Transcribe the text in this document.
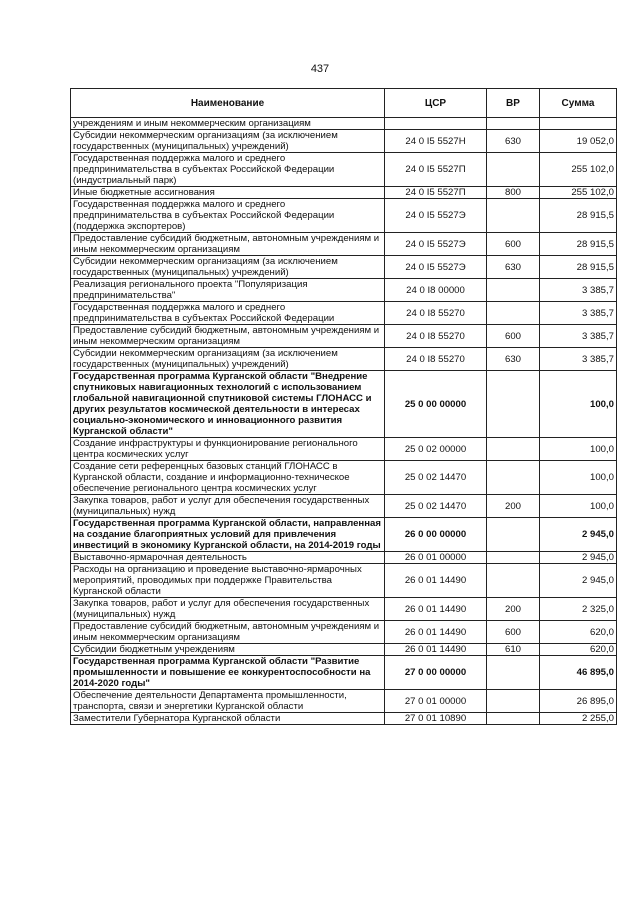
437
Наименование	ЦСР	ВР	Сумма
учреждениям и иным некоммерческим организациям			
Субсидии некоммерческим организациям (за исключением государственных (муниципальных) учреждений)	24 0 I5 5527Н	630	19 052,0
Государственная поддержка малого и среднего предпринимательства в субъектах Российской Федерации (индустриальный парк)	24 0 I5 5527П		255 102,0
Иные бюджетные ассигнования	24 0 I5 5527П	800	255 102,0
Государственная поддержка малого и среднего предпринимательства в субъектах Российской Федерации (поддержка экспортеров)	24 0 I5 5527Э		28 915,5
Предоставление субсидий бюджетным, автономным учреждениям и иным некоммерческим организациям	24 0 I5 5527Э	600	28 915,5
Субсидии некоммерческим организациям (за исключением государственных (муниципальных) учреждений)	24 0 I5 5527Э	630	28 915,5
Реализация регионального проекта "Популяризация предпринимательства"	24 0 I8 00000		3 385,7
Государственная поддержка малого и среднего предпринимательства в субъектах Российской Федерации	24 0 I8 55270		3 385,7
Предоставление субсидий бюджетным, автономным учреждениям и иным некоммерческим организациям	24 0 I8 55270	600	3 385,7
Субсидии некоммерческим организациям (за исключением государственных (муниципальных) учреждений)	24 0 I8 55270	630	3 385,7
Государственная программа Курганской области "Внедрение спутниковых навигационных технологий с использованием глобальной навигационной спутниковой системы ГЛОНАСС и других результатов космической деятельности в интересах социально-экономического и инновационного развития Курганской области"	25 0 00 00000		100,0
Создание инфраструктуры и функционирование регионального центра космических услуг	25 0 02 00000		100,0
Создание сети референцных базовых станций ГЛОНАСС в Курганской области, создание и информационно-техническое обеспечение регионального центра космических услуг	25 0 02 14470		100,0
Закупка товаров, работ и услуг для обеспечения государственных (муниципальных) нужд	25 0 02 14470	200	100,0
Государственная программа Курганской области, направленная на создание благоприятных условий для привлечения инвестиций в экономику Курганской области, на 2014-2019 годы	26 0 00 00000		2 945,0
Выставочно-ярмарочная деятельность	26 0 01 00000		2 945,0
Расходы на организацию и проведение выставочно-ярмарочных мероприятий, проводимых при поддержке Правительства Курганской области	26 0 01 14490		2 945,0
Закупка товаров, работ и услуг для обеспечения государственных (муниципальных) нужд	26 0 01 14490	200	2 325,0
Предоставление субсидий бюджетным, автономным учреждениям и иным некоммерческим организациям	26 0 01 14490	600	620,0
Субсидии бюджетным учреждениям	26 0 01 14490	610	620,0
Государственная программа Курганской области "Развитие промышленности и повышение ее конкурентоспособности на 2014-2020 годы"	27 0 00 00000		46 895,0
Обеспечение деятельности Департамента промышленности, транспорта, связи и энергетики Курганской области	27 0 01 00000		26 895,0
Заместители Губернатора Курганской области	27 0 01 10890		2 255,0
